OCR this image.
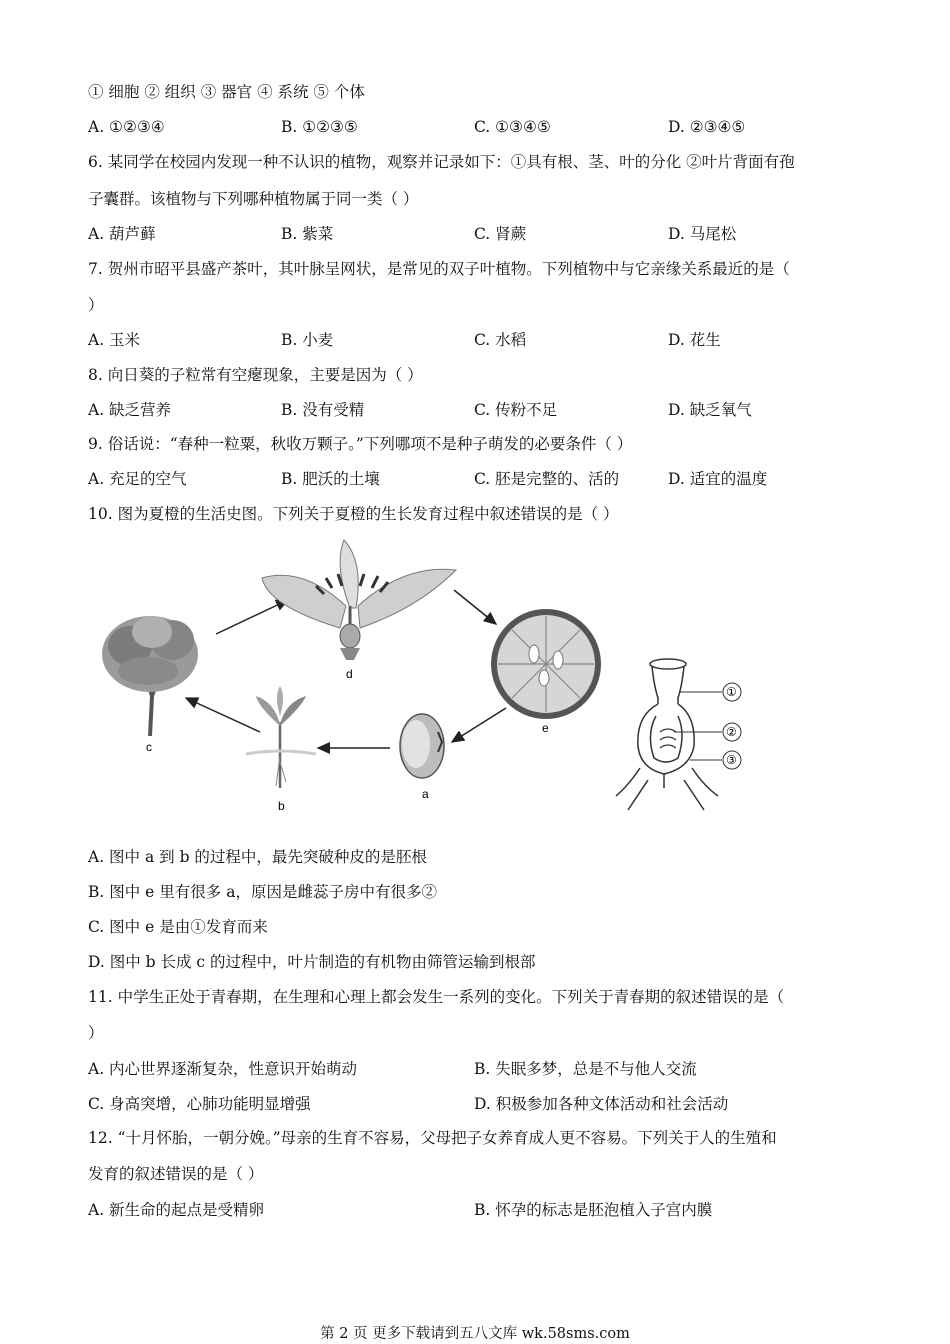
① 细胞 ② 组织 ③ 器官 ④ 系统 ⑤ 个体
A. ①②③④	B. ①②③⑤	C. ①③④⑤	D. ②③④⑤
6. 某同学在校园内发现一种不认识的植物，观察并记录如下：①具有根、茎、叶的分化 ②叶片背面有孢
子囊群。该植物与下列哪种植物属于同一类（ ）
A. 葫芦藓	B. 紫菜	C. 肾蕨	D. 马尾松
7. 贺州市昭平县盛产茶叶，其叶脉呈网状，是常见的双子叶植物。下列植物中与它亲缘关系最近的是（
）
A. 玉米	B. 小麦	C. 水稻	D. 花生
8. 向日葵的子粒常有空瘪现象，主要是因为（ ）
A. 缺乏营养	B. 没有受精	C. 传粉不足	D. 缺乏氧气
9. 俗话说：“春种一粒粟，秋收万颗子。”下列哪项不是种子萌发的必要条件（ ）
A. 充足的空气	B. 肥沃的土壤	C. 胚是完整的、活的	D. 适宜的温度
10. 图为夏橙的生活史图。下列关于夏橙的生长发育过程中叙述错误的是（ ）
c
d
e
a
b
①
②
③
A. 图中 a 到 b 的过程中，最先突破种皮的是胚根
B. 图中 e 里有很多 a，原因是雌蕊子房中有很多②
C. 图中 e 是由①发育而来
D. 图中 b 长成 c 的过程中，叶片制造的有机物由筛管运输到根部
11. 中学生正处于青春期，在生理和心理上都会发生一系列的变化。下列关于青春期的叙述错误的是（
）
A. 内心世界逐渐复杂，性意识开始萌动	B. 失眠多梦，总是不与他人交流
C. 身高突增，心肺功能明显增强	D. 积极参加各种文体活动和社会活动
12. “十月怀胎，一朝分娩。”母亲的生育不容易，父母把子女养育成人更不容易。下列关于人的生殖和
发育的叙述错误的是（ ）
A. 新生命的起点是受精卵	B. 怀孕的标志是胚泡植入子宫内膜
第 2 页 更多下载请到五八文库 wk.58sms.com
